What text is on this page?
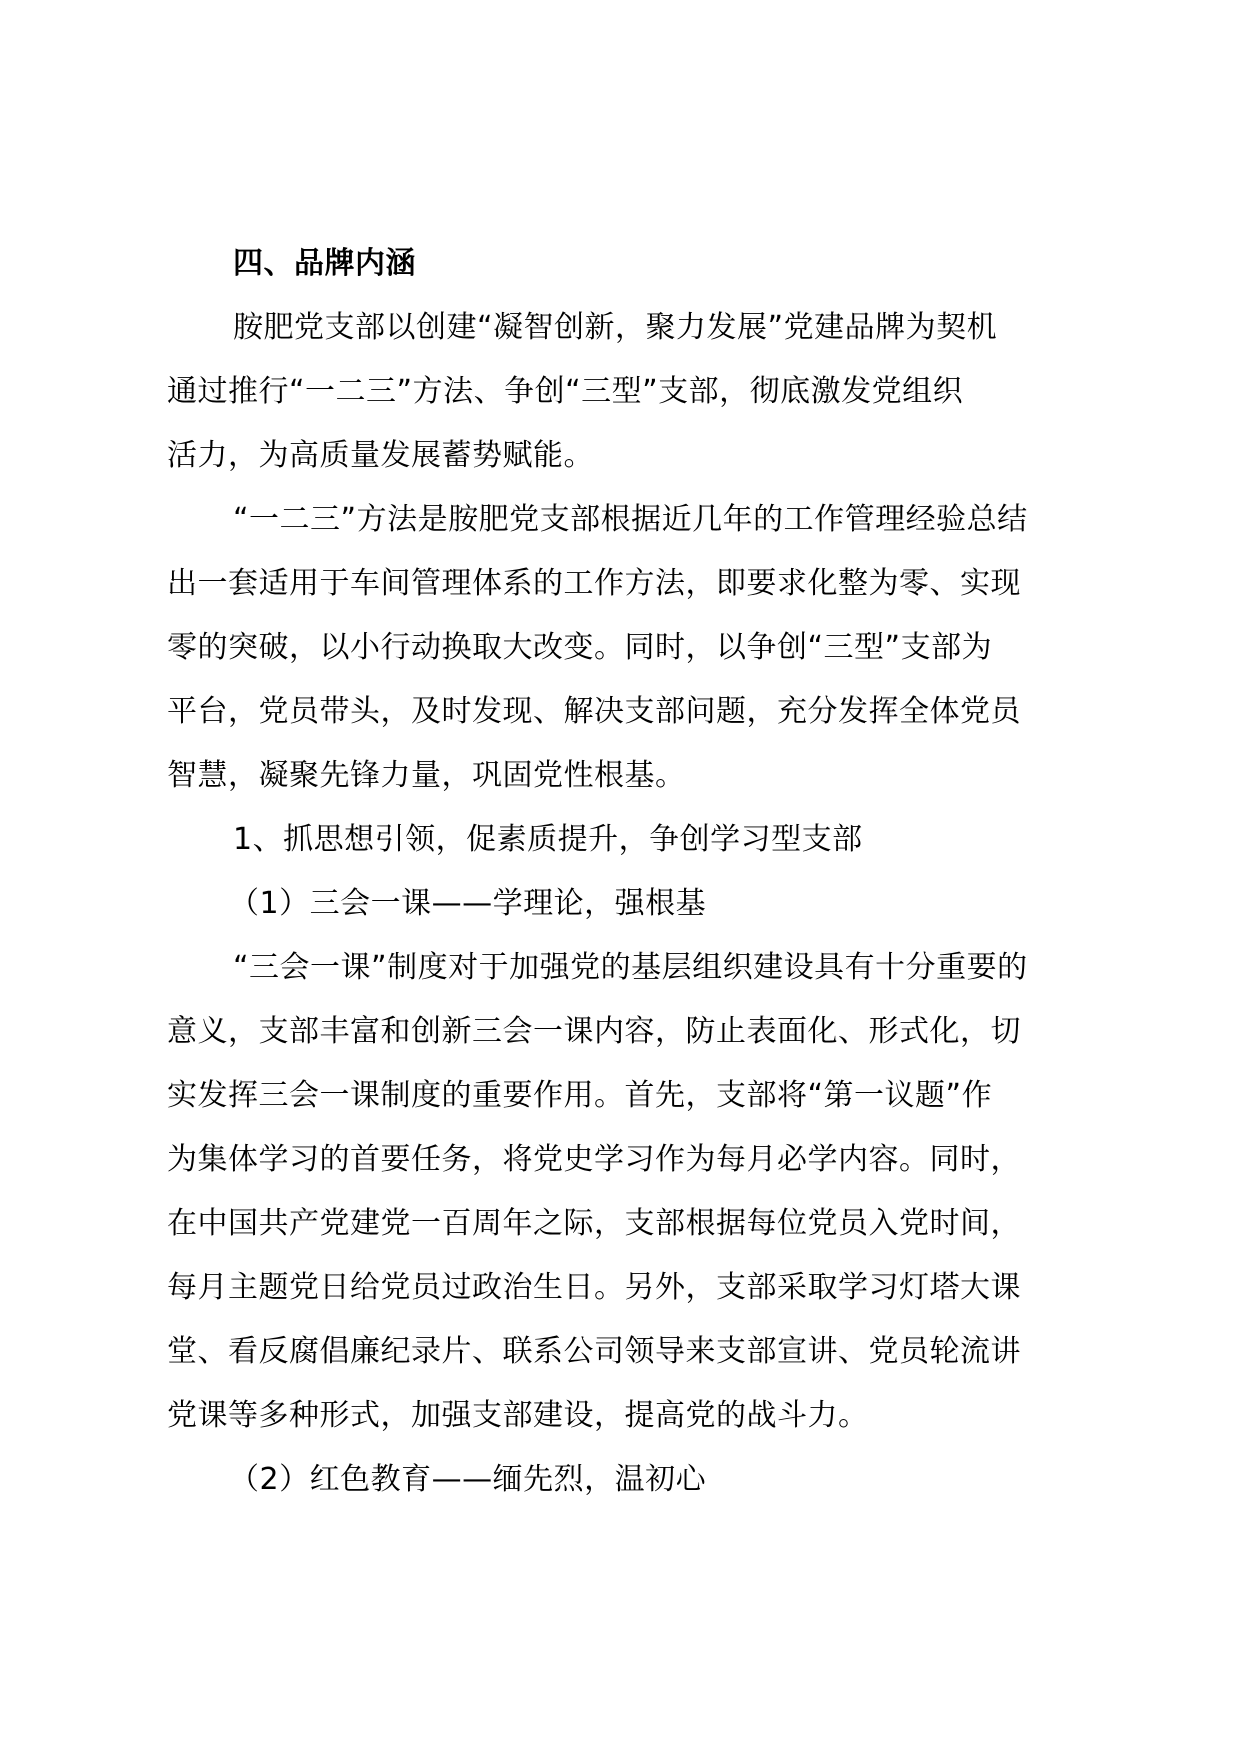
四、品牌内涵
胺肥党支部以创建“凝智创新，聚力发展”党建品牌为契机
通过推行“一二三”方法、争创“三型”支部，彻底激发党组织
活力，为高质量发展蓄势赋能。
“一二三”方法是胺肥党支部根据近几年的工作管理经验总结
出一套适用于车间管理体系的工作方法，即要求化整为零、实现
零的突破，以小行动换取大改变。同时，以争创“三型”支部为
平台，党员带头，及时发现、解决支部问题，充分发挥全体党员
智慧，凝聚先锋力量，巩固党性根基。
1、抓思想引领，促素质提升，争创学习型支部
（1）三会一课——学理论，强根基
“三会一课”制度对于加强党的基层组织建设具有十分重要的
意义，支部丰富和创新三会一课内容，防止表面化、形式化，切
实发挥三会一课制度的重要作用。首先，支部将“第一议题”作
为集体学习的首要任务，将党史学习作为每月必学内容。同时，
在中国共产党建党一百周年之际，支部根据每位党员入党时间，
每月主题党日给党员过政治生日。另外，支部采取学习灯塔大课
堂、看反腐倡廉纪录片、联系公司领导来支部宣讲、党员轮流讲
党课等多种形式，加强支部建设，提高党的战斗力。
（2）红色教育——缅先烈，温初心
